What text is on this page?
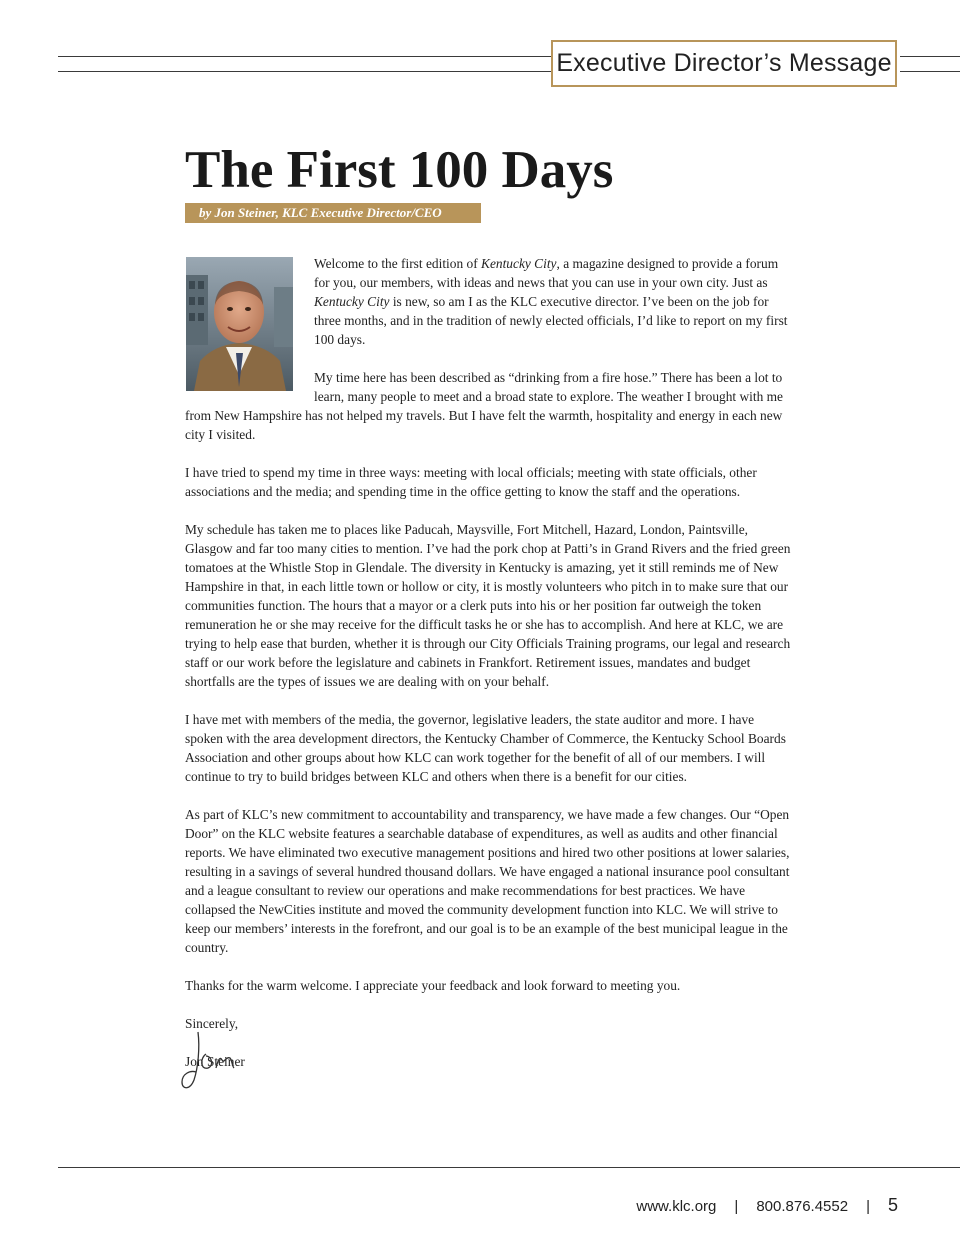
Executive Director’s Message
The First 100 Days
by Jon Steiner, KLC Executive Director/CEO

Welcome to the first edition of Kentucky City, a magazine designed to provide a forum for you, our members, with ideas and news that you can use in your own city. Just as Kentucky City is new, so am I as the KLC executive director. I’ve been on the job for three months, and in the tradition of newly elected officials, I’d like to report on my first 100 days.

My time here has been described as “drinking from a fire hose.” There has been a lot to learn, many people to meet and a broad state to explore. The weather I brought with me from New Hampshire has not helped my travels. But I have felt the warmth, hospitality and energy in each new city I visited.

I have tried to spend my time in three ways: meeting with local officials; meeting with state officials, other associations and the media; and spending time in the office getting to know the staff and the operations.

My schedule has taken me to places like Paducah, Maysville, Fort Mitchell, Hazard, London, Paintsville, Glasgow and far too many cities to mention. I’ve had the pork chop at Patti’s in Grand Rivers and the fried green tomatoes at the Whistle Stop in Glendale. The diversity in Kentucky is amazing, yet it still reminds me of New Hampshire in that, in each little town or hollow or city, it is mostly volunteers who pitch in to make sure that our communities function. The hours that a mayor or a clerk puts into his or her position far outweigh the token remuneration he or she may receive for the difficult tasks he or she has to accomplish. And here at KLC, we are trying to help ease that burden, whether it is through our City Officials Training programs, our legal and research staff or our work before the legislature and cabinets in Frankfort. Retirement issues, mandates and budget shortfalls are the types of issues we are dealing with on your behalf.

I have met with members of the media, the governor, legislative leaders, the state auditor and more. I have spoken with the area development directors, the Kentucky Chamber of Commerce, the Kentucky School Boards Association and other groups about how KLC can work together for the benefit of all of our members. I will continue to try to build bridges between KLC and others when there is a benefit for our cities.

As part of KLC’s new commitment to accountability and transparency, we have made a few changes. Our “Open Door” on the KLC website features a searchable database of expenditures, as well as audits and other financial reports. We have eliminated two executive management positions and hired two other positions at lower salaries, resulting in a savings of several hundred thousand dollars. We have engaged a national insurance pool consultant and a league consultant to review our operations and make recommendations for best practices. We have collapsed the NewCities institute and moved the community development function into KLC. We will strive to keep our members’ interests in the forefront, and our goal is to be an example of the best municipal league in the country.

Thanks for the warm welcome. I appreciate your feedback and look forward to meeting you.

Sincerely,

Jon Steiner

www.klc.org | 800.876.4552 | 5
